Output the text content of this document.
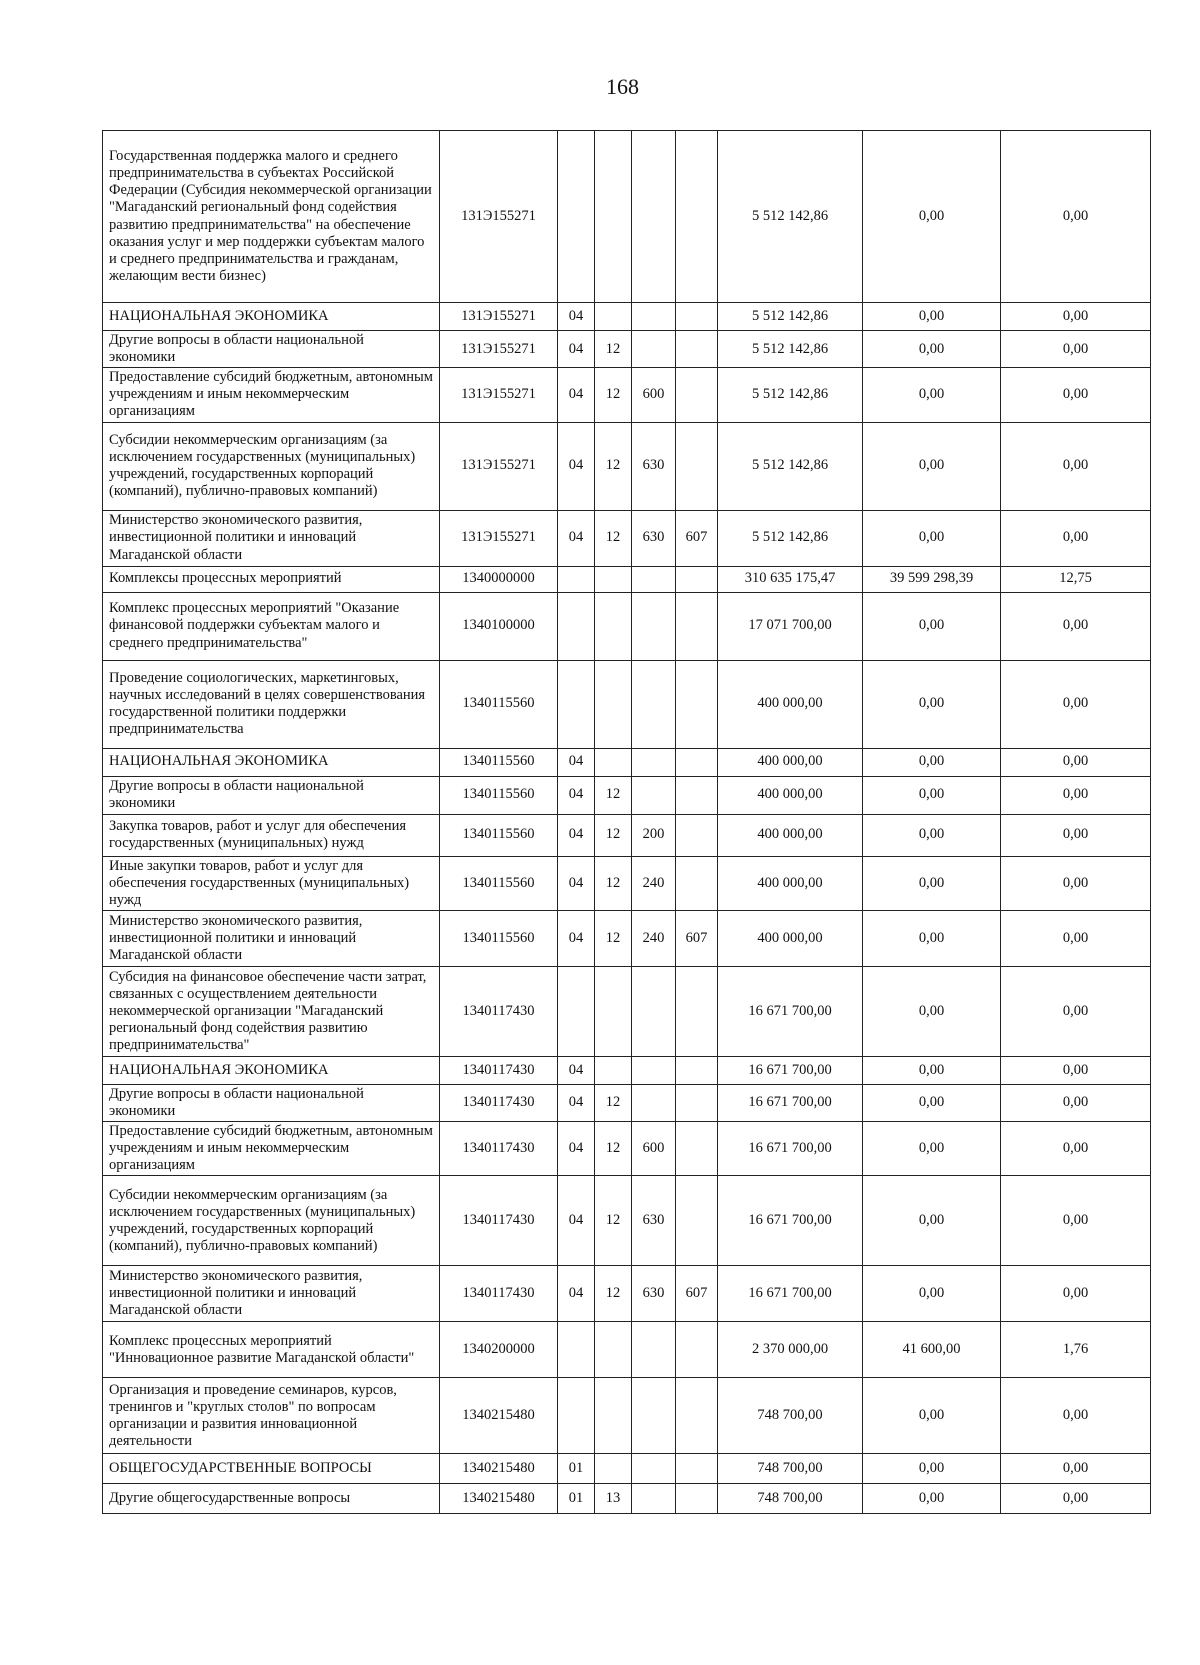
168
Государственная поддержка малого и среднего предпринимательства в субъектах Российской Федерации (Субсидия некоммерческой организации "Магаданский региональный фонд содействия развитию предпринимательства" на обеспечение оказания услуг и мер поддержки субъектам малого и среднего предпринимательства и гражданам, желающим вести бизнес)	131Э155271					5 512 142,86	0,00	0,00
НАЦИОНАЛЬНАЯ ЭКОНОМИКА	131Э155271	04				5 512 142,86	0,00	0,00
Другие вопросы в области национальной экономики	131Э155271	04	12			5 512 142,86	0,00	0,00
Предоставление субсидий бюджетным, автономным учреждениям и иным некоммерческим организациям	131Э155271	04	12	600		5 512 142,86	0,00	0,00
Субсидии некоммерческим организациям (за исключением государственных (муниципальных) учреждений, государственных корпораций (компаний), публично-правовых компаний)	131Э155271	04	12	630		5 512 142,86	0,00	0,00
Министерство экономического развития, инвестиционной политики и инноваций Магаданской области	131Э155271	04	12	630	607	5 512 142,86	0,00	0,00
Комплексы процессных мероприятий	1340000000					310 635 175,47	39 599 298,39	12,75
Комплекс процессных мероприятий "Оказание финансовой поддержки субъектам малого и среднего предпринимательства"	1340100000					17 071 700,00	0,00	0,00
Проведение социологических, маркетинговых, научных исследований в целях совершенствования государственной политики поддержки предпринимательства	1340115560					400 000,00	0,00	0,00
НАЦИОНАЛЬНАЯ ЭКОНОМИКА	1340115560	04				400 000,00	0,00	0,00
Другие вопросы в области национальной экономики	1340115560	04	12			400 000,00	0,00	0,00
Закупка товаров, работ и услуг для обеспечения государственных (муниципальных) нужд	1340115560	04	12	200		400 000,00	0,00	0,00
Иные закупки товаров, работ и услуг для обеспечения государственных (муниципальных) нужд	1340115560	04	12	240		400 000,00	0,00	0,00
Министерство экономического развития, инвестиционной политики и инноваций Магаданской области	1340115560	04	12	240	607	400 000,00	0,00	0,00
Субсидия на финансовое обеспечение части затрат, связанных с осуществлением деятельности некоммерческой организации "Магаданский региональный фонд содействия развитию предпринимательства"	1340117430					16 671 700,00	0,00	0,00
НАЦИОНАЛЬНАЯ ЭКОНОМИКА	1340117430	04				16 671 700,00	0,00	0,00
Другие вопросы в области национальной экономики	1340117430	04	12			16 671 700,00	0,00	0,00
Предоставление субсидий бюджетным, автономным учреждениям и иным некоммерческим организациям	1340117430	04	12	600		16 671 700,00	0,00	0,00
Субсидии некоммерческим организациям (за исключением государственных (муниципальных) учреждений, государственных корпораций (компаний), публично-правовых компаний)	1340117430	04	12	630		16 671 700,00	0,00	0,00
Министерство экономического развития, инвестиционной политики и инноваций Магаданской области	1340117430	04	12	630	607	16 671 700,00	0,00	0,00
Комплекс процессных мероприятий "Инновационное развитие Магаданской области"	1340200000					2 370 000,00	41 600,00	1,76
Организация и проведение семинаров, курсов, тренингов и "круглых столов" по вопросам организации и развития инновационной деятельности	1340215480					748 700,00	0,00	0,00
ОБЩЕГОСУДАРСТВЕННЫЕ ВОПРОСЫ	1340215480	01				748 700,00	0,00	0,00
Другие общегосударственные вопросы	1340215480	01	13			748 700,00	0,00	0,00
